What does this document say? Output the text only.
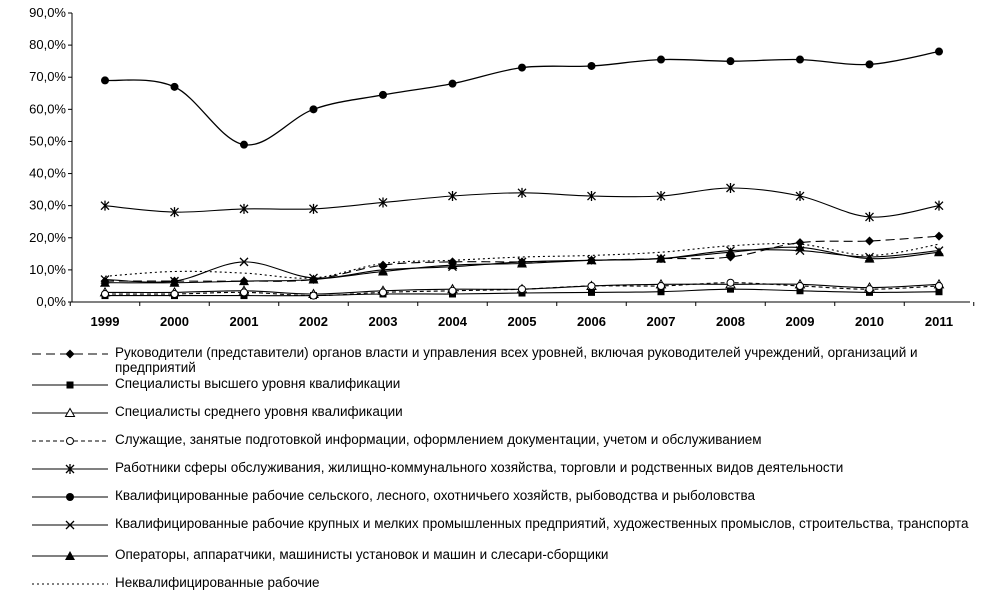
0,0%
10,0%
20,0%
30,0%
40,0%
50,0%
60,0%
70,0%
80,0%
90,0%
1999	2000	2001	2002	2003	2004	2005	2006	2007	2008	2009	2010	2011
Руководители (представители) органов власти и управления всех уровней, включая руководителей учреждений, организаций и предприятий
Специалисты высшего уровня квалификации
Специалисты среднего уровня квалификации
Служащие, занятые подготовкой информации, оформлением документации, учетом и обслуживанием
Работники сферы обслуживания, жилищно-коммунального хозяйства, торговли и родственных видов деятельности
Квалифицированные рабочие сельского, лесного, охотничьего хозяйств, рыбоводства и рыболовства
Квалифицированные рабочие крупных и мелких промышленных предприятий, художественных промыслов, строительства, транспорта
Операторы, аппаратчики, машинисты установок и машин и слесари-сборщики
Неквалифицированные рабочие
